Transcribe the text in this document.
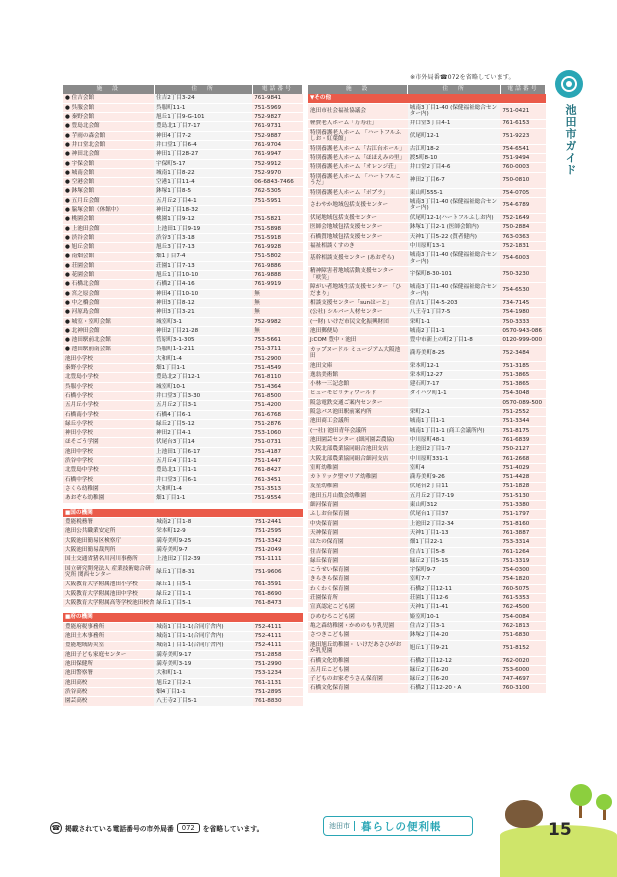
※市外局番☎072を省略しています。
施　設	住　所	電話番号
● 住吉会館	住吉2丁目3-24	761-9841
● 呉服会館	呉服町11-1	751-5969
● 秦野会館	旭丘1丁目9-G-101	752-9827
● 豊島北会館	豊島北1丁目7-17	761-9731
● 芋雨の森会館	神田4丁目7-2	752-9887
● 井口堂北会館	井口堂1丁目6-4	761-9704
● 神田北会館	神田1丁目28-27	761-9947
● 宇保会館	宇保町5-17	752-9912
● 城南会館	城南1丁目8-22	752-9970
● 空港会館	空港1丁目11-4	06-6843-7466
● 鉢塚会館	鉢塚1丁目8-5	762-5305
● 五月丘会館	五月丘2丁目4-1	751-5951
● 脇塚会館（休館中）	神田2丁目18-32	
● 桃園会館	桃園1丁目9-12	751-5821
● 上池田会館	上池田1丁目9-19	751-5898
● 渋谷会館	渋谷3丁目3-18	751-5918
● 旭丘会館	旭丘3丁目7-13	761-9928
● 南畑会館	畑1丁目7-4	751-5802
● 荘園会館	荘園1丁目7-13	761-9886
● 花園会館	旭丘1丁目10-10	761-9888
● 石橋北会館	石橋2丁目4-16	761-9919
● 宮之原会館	神田4丁目10-10	無
● 中之橋会館	神田3丁目8-12	無
● 河原島会館	神田3丁目3-21	無
● 城室・室町会館	城室町3-1	752-9982
● 北神田会館	神田2丁目21-28	無
● 池田駅前北会館	菅原町3-1-305	753-5661
● 池田駅前南会館	呉服町1-1-211	751-3711
池田小学校	大和町1-4	751-2900
秦野小学校	畑1丁目1-1	751-4549
北豊島小学校	豊島北2丁目12-1	761-8110
呉服小学校	城室町10-1	751-4364
石橋小学校	井口堂3丁目3-30	761-8500
五月丘小学校	五月丘2丁目3-1	751-4200
石橋南小学校	石橋4丁目6-1	761-6768
緑丘小学校	緑丘2丁目5-12	751-2876
神田小学校	神田2丁目4-1	753-1060
ほそごう学園	伏尾台3丁目14	751-0731
池田中学校	上池田1丁目6-17	751-4187
渋谷中学校	五月丘4丁目1-1	751-1447
北豊島中学校	豊島北1丁目1-1	761-8427
石橋中学校	井口堂3丁目6-1	761-3451
さくら幼稚園	大和町1-4	751-3513
あおぞら幼稚園	畑1丁目1-1	751-9554
■国の機関		
豊能税務署	城南2丁目1-8	751-2441
池田公共職業安定所	栄本町12-9	751-2595
大阪池田簡易区検察庁	満寿美町9-25	751-3342
大阪池田簡易裁判所	満寿美町9-7	751-2049
国土交通省猪名川河川事務所	上池田2丁目2-39	751-1111
国立研究開発法人 産業技術総合研究所 関西センター	緑丘1丁目8-31	751-9606
大阪教育大学附属池田小学校	緑丘1丁目5-1	761-3591
大阪教育大学附属池田中学校	緑丘2丁目1-1	761-8690
大阪教育大学附属高等学校池田校舎	緑丘1丁目5-1	761-8473
■府の機関		
豊能府税事務所	城南1丁目1-1(合同庁舎内)	752-4111
池田土木事務所	城南1丁目1-1(合同庁舎内)	752-4111
豊能地域防災室	城南1丁目1-1(合同庁舎内)	752-4111
池田子ども家庭センター	満寿美町9-17	751-2858
池田保健所	満寿美町3-19	751-2990
池田警察署	大和町1-1	753-1234
池田高校	旭丘2丁目2-1	761-1131
渋谷高校	畑4丁目1-1	751-2895
園芸高校	八王寺2丁目5-1	761-8830
施　設	住　所	電話番号
▼その他		
池田市社会福祉協議会	城南3丁目1-40 (保健福祉総合センター内)	751-0421
軽費老人ホーム「万寿荘」	井口堂3丁目4-1	761-6153
特別養護老人ホーム 「ハートフルふしお・紅葉館」	伏尾町12-1	751-9223
特別養護老人ホーム「古江台ホール」	古江町18-2	754-6541
特別養護老人ホーム「ほほえみの里」	渡5町8-10	751-9494
特別養護老人ホーム「オレンジ荘」	井口堂2丁目4-6	760-0003
特別養護老人ホーム 「ハートフルこうだ」	神田2丁目6-7	750-0810
特別養護老人ホーム「ポプラ」	東山町555-1	754-0705
さわやか地域包括支援センター	城南3丁目1-40 (保健福祉総合センター内)	754-6789
伏尾地域包括支援センター	伏尾町12-1(ハートフルふしお内)	752-1649
医師会地域包括支援センター	鉢塚1丁目2-1 (医師会館内)	750-2884
石橋質地域包括支援センター	天神1丁目5-22 (質者健内)	763-0363
福祉相談くすのき	中川原町13-1	752-1831
基幹相談支援センター (あおぞら)	城南3丁目1-40 (保健福祉総合センター内)	754-6003
精神障害者地域活動支援センター 「咲笑」	宇保町8-30-101	750-3230
障がい者地域生活支援センター 「ひだまり」	城南3丁目1-40 (保健福祉総合センター内)	754-6530
相談支援センター「sunはーと」	住吉1丁目4-5-203	734-7145
(公社) シルバー人材センター	八王寺1丁目7-5	754-1980
(一財) いけだ市民文化振興財団	栄町1-1	750-3333
池田郵便局	城南2丁目1-1	0570-943-086
J:COM 豊中・池田	豊中市新上の町2丁目1-8	0120-999-000
カップヌードル ミュージアム大阪池田	満寿美町8-25	752-3484
池田文庫	栄本町12-1	751-3185
逸翁美術館	栄本町12-27	751-3865
小林一三記念館	建石町7-17	751-3865
ヒューモビリティワールド	ダイハツ町1-1	754-3048
阪急電鉄交通ご案内センター		0570-089-500
阪急バス池田駅前案内所	栄町2-1	751-2552
池田商工会議所	城南1丁目1-1	751-3344
(一社) 池田青年会議所	城南1丁目1-1 (商工会議所内)	751-8175
池田園芸センター (細河園芸農協)	中川原町48-1	761-6839
大阪北部農業協同組合池田支店	上池田2丁目1-7	750-2127
大阪北部農業協同組合細河支店	中川原町331-1	761-2668
室町幼稚園	室町4	751-4029
カトリック聖マリア幼稚園	満寿美町9-26	751-4428
友星幼稚園	伏尾台2丁目11	751-1828
池田五月山数会幼稚園	五月丘2丁目7-19	751-5130
細河保育園	東山町312	751-3380
ふしお台保育園	伏尾台1丁目37	751-1797
中央保育園	上池田2丁目2-34	751-8160
天神保育園	天神1丁目1-13	761-3887
はたの保育園	畑1丁目22-1	753-3314
住吉保育園	住吉1丁目5-8	761-1264
緑丘保育園	緑丘2丁目5-15	751-3319
こうせい保育園	宇保町9-7	754-0300
きらきら保育園	室町7-7	754-1820
わくわく保育園	石橋2丁目12-11	760-5075
荘園保育所	荘園1丁目12-6	761-5353
宣真認定こども園	天神1丁目1-41	762-4500
ひめむろこども園	姫室町10-1	754-0084
亀之森幼稚園・かめのもり乳児園	住吉2丁目3-1	762-1813
さつきこども園	鉢塚2丁目4-20	751-6830
池田旭丘幼稚園・ いけだあさひがおか乳児園	旭丘1丁目9-21	751-8152
石橋文化幼稚園	石橋2丁目12-12	762-0020
五月丘こども園	緑丘2丁目6-20	753-6000
子どものお家ぞうさん保育園	緑丘2丁目6-20	747-4697
石橋文化保育園	石橋2丁目12-20・A	760-3100
池田市ガイド
☎ 掲載されている電話番号の市外局番	072	を省略しています。	池田市	暮らしの便利帳	15
